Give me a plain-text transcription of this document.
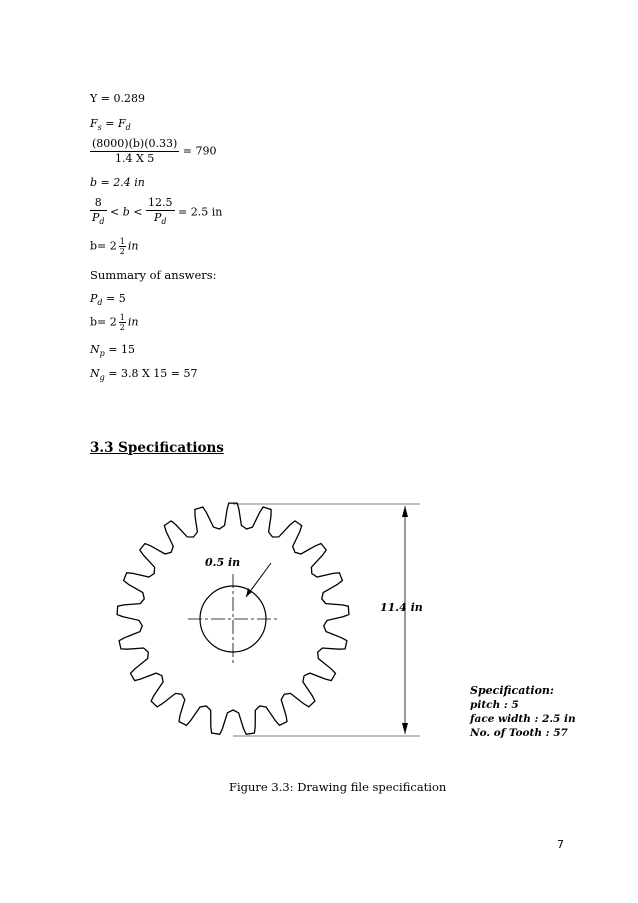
Y = 0.289
$F_s = F_d$
$\frac{(8000)(b)(0.33)}{1.4 X 5} = 790$
b = 2.4 in
$\frac{8}{P_d} < b < \frac{12.5}{P_d} = 2.5$ in
$b= 2 \frac{1}{2}$ in
Summary of answers:
$P_d = 5$
$b= 2 \frac{1}{2}$ in
$N_p = 15$
$N_g = 3.8$ X 15 = 57
3.3 Specifications
0.5 in
11.4 in
Specification:
pitch : 5
face width : 2.5 in
No. of Tooth : 57
Figure 3.3: Drawing file specification
7
